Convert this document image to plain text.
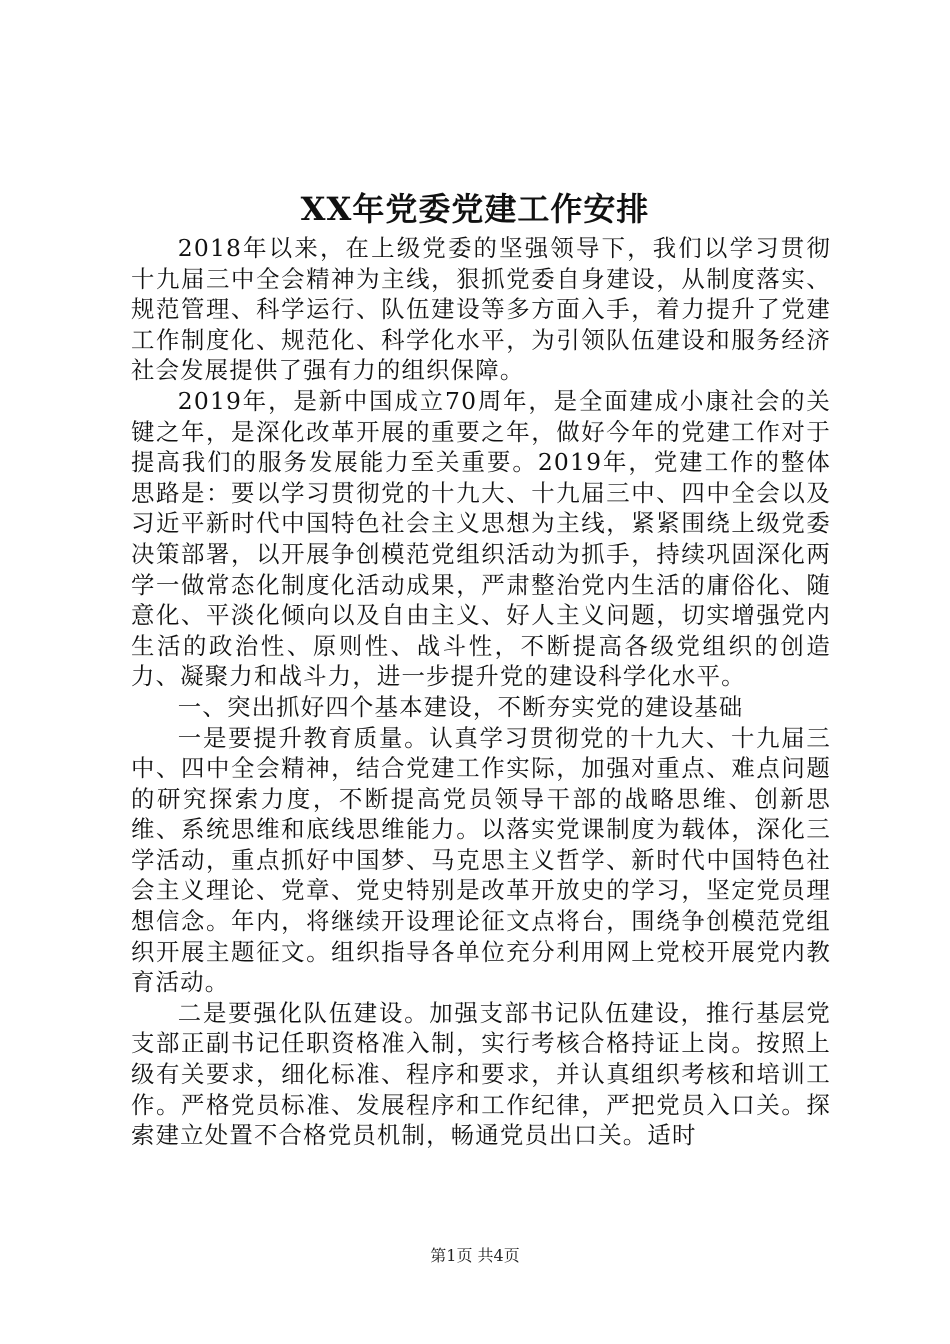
XX年党委党建工作安排

2018年以来，在上级党委的坚强领导下，我们以学习贯彻十九届三中全会精神为主线，狠抓党委自身建设，从制度落实、规范管理、科学运行、队伍建设等多方面入手，着力提升了党建工作制度化、规范化、科学化水平，为引领队伍建设和服务经济社会发展提供了强有力的组织保障。

2019年，是新中国成立70周年，是全面建成小康社会的关键之年，是深化改革开展的重要之年，做好今年的党建工作对于提高我们的服务发展能力至关重要。2019年，党建工作的整体思路是：要以学习贯彻党的十九大、十九届三中、四中全会以及习近平新时代中国特色社会主义思想为主线，紧紧围绕上级党委决策部署，以开展争创模范党组织活动为抓手，持续巩固深化两学一做常态化制度化活动成果，严肃整治党内生活的庸俗化、随意化、平淡化倾向以及自由主义、好人主义问题，切实增强党内生活的政治性、原则性、战斗性，不断提高各级党组织的创造力、凝聚力和战斗力，进一步提升党的建设科学化水平。

一、突出抓好四个基本建设，不断夯实党的建设基础

一是要提升教育质量。认真学习贯彻党的十九大、十九届三中、四中全会精神，结合党建工作实际，加强对重点、难点问题的研究探索力度，不断提高党员领导干部的战略思维、创新思维、系统思维和底线思维能力。以落实党课制度为载体，深化三学活动，重点抓好中国梦、马克思主义哲学、新时代中国特色社会主义理论、党章、党史特别是改革开放史的学习，坚定党员理想信念。年内，将继续开设理论征文点将台，围绕争创模范党组织开展主题征文。组织指导各单位充分利用网上党校开展党内教育活动。

二是要强化队伍建设。加强支部书记队伍建设，推行基层党支部正副书记任职资格准入制，实行考核合格持证上岗。按照上级有关要求，细化标准、程序和要求，并认真组织考核和培训工作。严格党员标准、发展程序和工作纪律，严把党员入口关。探索建立处置不合格党员机制，畅通党员出口关。适时

第1页 共4页
